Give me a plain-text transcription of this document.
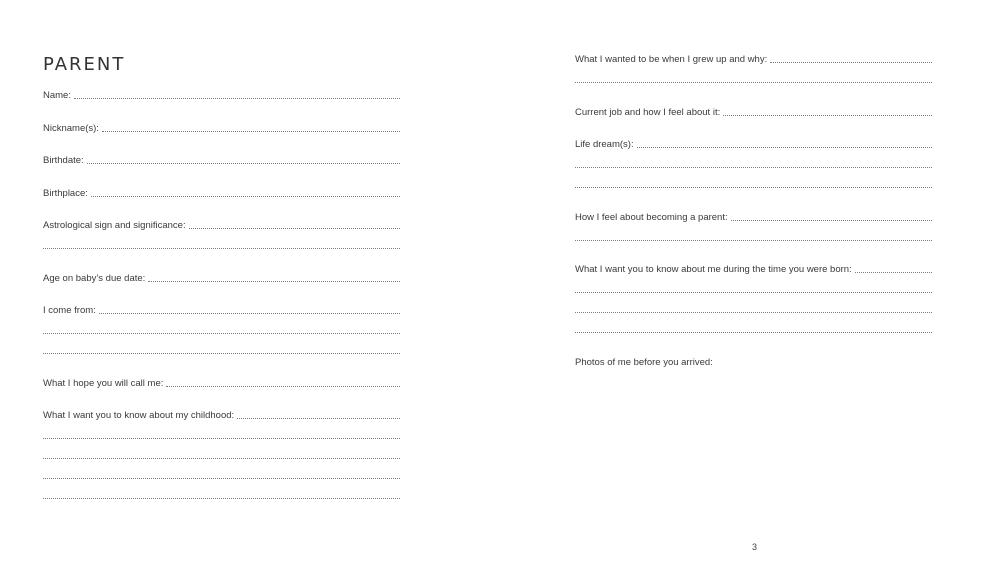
PARENT
Name:
Nickname(s):
Birthdate:
Birthplace:
Astrological sign and significance:
Age on baby’s due date:
I come from:
What I hope you will call me:
What I want you to know about my childhood:
What I wanted to be when I grew up and why:
Current job and how I feel about it:
Life dream(s):
How I feel about becoming a parent:
What I want you to know about me during the time you were born:
Photos of me before you arrived:
3
